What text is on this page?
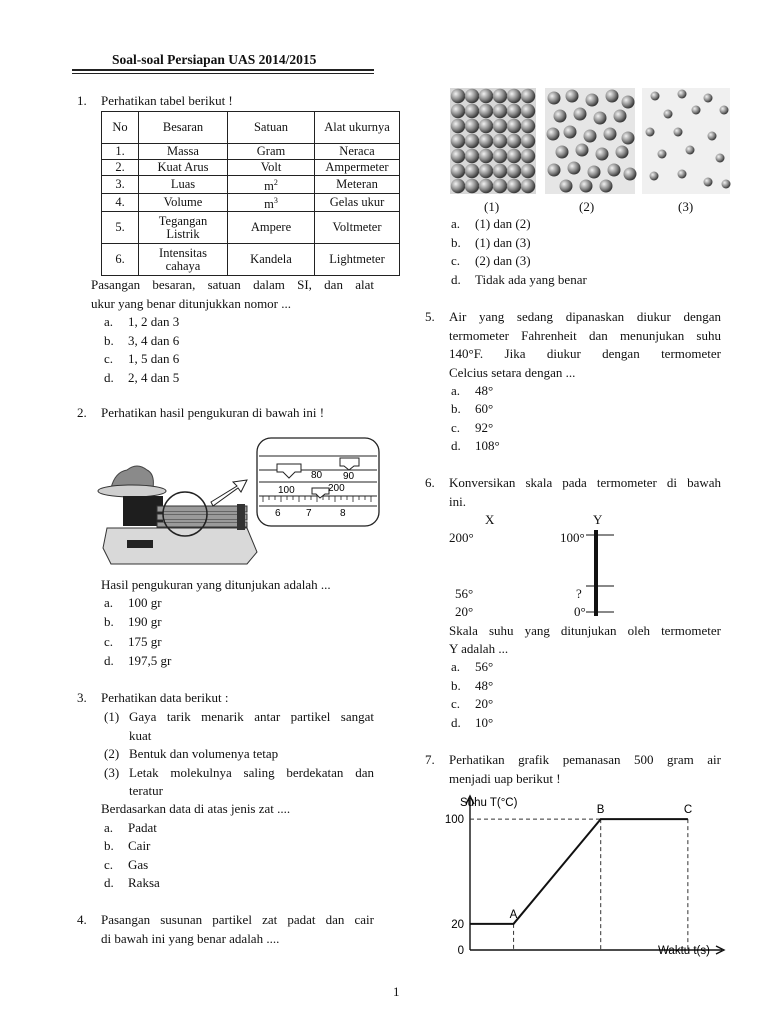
Soal-soal Persiapan UAS 2014/2015
1. Perhatikan tabel berikut !
No	Besaran	Satuan	Alat ukurnya
1.	Massa	Gram	Neraca
2.	Kuat Arus	Volt	Ampermeter
3.	Luas	$m^2$	Meteran
4.	Volume	$m^3$	Gelas ukur
5.	Tegangan Listrik	Ampere	Voltmeter
6.	Intensitas cahaya	Kandela	Lightmeter
Pasangan besaran, satuan dalam SI, dan alat
ukur yang benar ditunjukkan nomor ...
a. 1, 2 dan 3
b. 3, 4 dan 6
c. 1, 5 dan 6
d. 2, 4 dan 5
2. Perhatikan hasil pengukuran di bawah ini !
80 90
100	200
6	7	8
Hasil pengukuran yang ditunjukan adalah ...
a. 100 gr
b. 190 gr
c. 175 gr
d. 197,5 gr
3. Perhatikan data berikut :
(1) Gaya tarik menarik antar partikel sangat
kuat
(2) Bentuk dan volumenya tetap
(3) Letak molekulnya saling berdekatan dan
teratur
Berdasarkan data di atas jenis zat ....
a. Padat
b. Cair
c. Gas
d. Raksa
4. Pasangan susunan partikel zat padat dan cair
di bawah ini yang benar adalah ....
(1)	(2)	(3)
a. (1) dan (2)
b. (1) dan (3)
c. (2) dan (3)
d. Tidak ada yang benar
5. Air yang sedang dipanaskan diukur dengan
termometer Fahrenheit dan menunjukan suhu
140°F.  Jika  diukur  dengan  termometer
Celcius setara dengan ...
a. 48°
b. 60°
c. 92°
d. 108°
6. Konversikan skala pada termometer di bawah
ini.
X	Y
200°	100°
56°	?
20°	0°
Skala suhu yang ditunjukan oleh termometer
Y adalah ...
a. 56°
b. 48°
c. 20°
d. 10°
7. Perhatikan grafik pemanasan 500 gram air
menjadi uap berikut !
Suhu T(°C)
Waktu t(s)
100
20
0
A
B	C
1
